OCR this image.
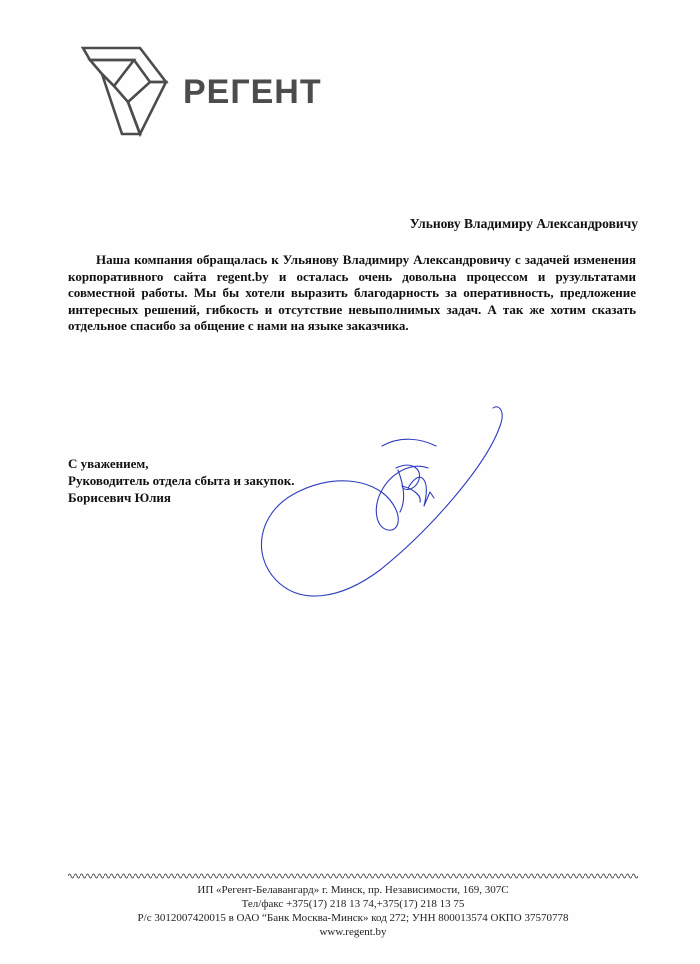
РЕГЕНТ
Ульнову Владимиру Александровичу

Наша компания обращалась к Ульянову Владимиру Александровичу с задачей изменения корпоративного сайта regent.by и осталась очень довольна процессом и рузультатами совместной работы. Мы бы хотели выразить благодарность за оперативность, предложение интересных решений, гибкость и отсутствие невыполнимых задач. А так же хотим сказать отдельное спасибо за общение с нами на языке заказчика.

С уважением,
Руководитель отдела сбыта и закупок.
Борисевич Юлия
ИП «Регент-Белавангард» г. Минск, пр. Независимости, 169, 307С
Тел/факс +375(17) 218 13 74,+375(17) 218 13 75
Р/с 3012007420015 в ОАО “Банк Москва-Минск» код 272; УНН 800013574 ОКПО 37570778
www.regent.by
